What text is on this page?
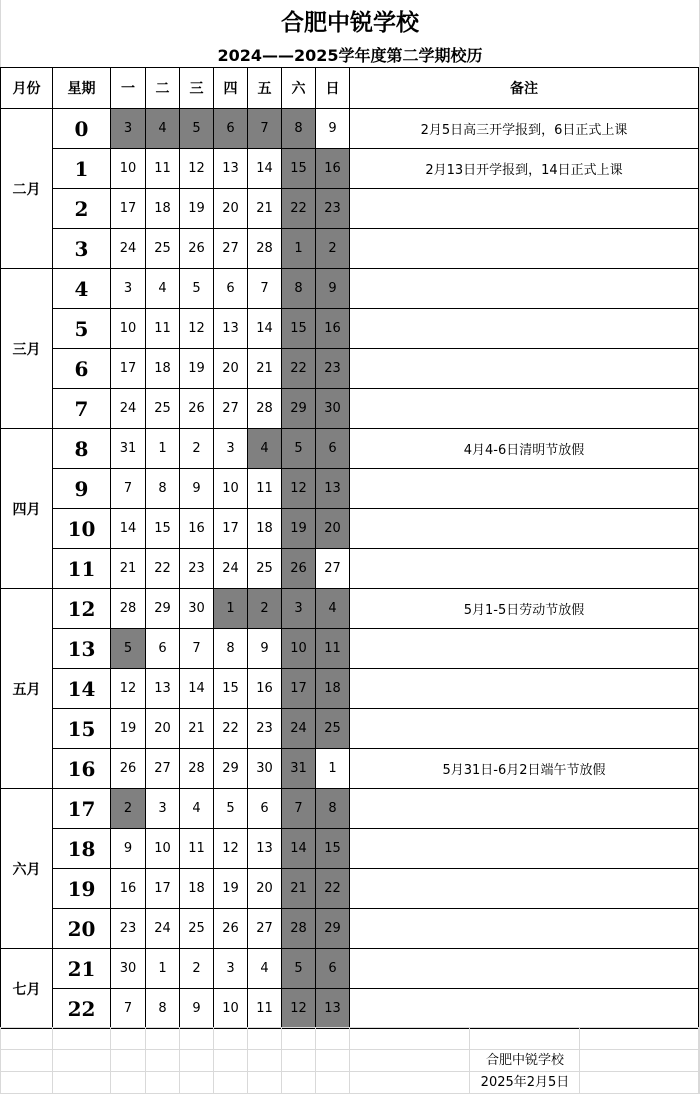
合肥中锐学校
2024——2025学年度第二学期校历
月份	星期	一	二	三	四	五	六	日	备注
二月	0	3	4	5	6	7	8	9	2月5日高三开学报到，6日正式上课
	1	10	11	12	13	14	15	16	2月13日开学报到，14日正式上课
	2	17	18	19	20	21	22	23	
	3	24	25	26	27	28	1	2	
三月	4	3	4	5	6	7	8	9	
	5	10	11	12	13	14	15	16	
	6	17	18	19	20	21	22	23	
	7	24	25	26	27	28	29	30	
四月	8	31	1	2	3	4	5	6	4月4-6日清明节放假
	9	7	8	9	10	11	12	13	
	10	14	15	16	17	18	19	20	
	11	21	22	23	24	25	26	27	
五月	12	28	29	30	1	2	3	4	5月1-5日劳动节放假
	13	5	6	7	8	9	10	11	
	14	12	13	14	15	16	17	18	
	15	19	20	21	22	23	24	25	
	16	26	27	28	29	30	31	1	5月31日-6月2日端午节放假
六月	17	2	3	4	5	6	7	8	
	18	9	10	11	12	13	14	15	
	19	16	17	18	19	20	21	22	
	20	23	24	25	26	27	28	29	
七月	21	30	1	2	3	4	5	6	
	22	7	8	9	10	11	12	13	

合肥中锐学校
2025年2月5日
